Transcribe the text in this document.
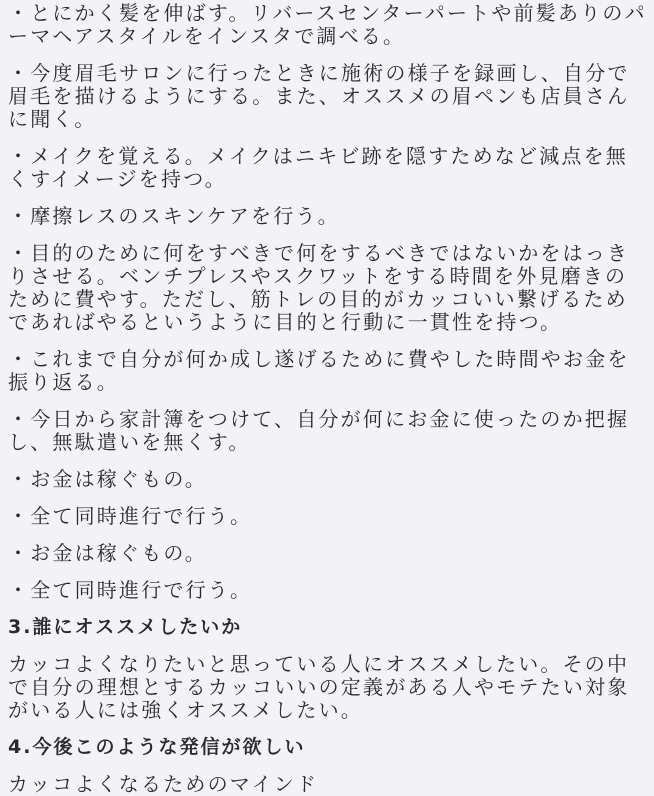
・とにかく髪を伸ばす。リバースセンターパートや前髪ありのパーマヘアスタイルをインスタで調べる。

・今度眉毛サロンに行ったときに施術の様子を録画し、自分で眉毛を描けるようにする。また、オススメの眉ペンも店員さんに聞く。

・メイクを覚える。メイクはニキビ跡を隠すためなど減点を無くすイメージを持つ。

・摩擦レスのスキンケアを行う。

・目的のために何をすべきで何をするべきではないかをはっきりさせる。ベンチプレスやスクワットをする時間を外見磨きのために費やす。ただし、筋トレの目的がカッコいい繋げるためであればやるというように目的と行動に一貫性を持つ。

・これまで自分が何か成し遂げるために費やした時間やお金を振り返る。

・今日から家計簿をつけて、自分が何にお金に使ったのか把握し、無駄遣いを無くす。

・お金は稼ぐもの。

・全て同時進行で行う。

・お金は稼ぐもの。

・全て同時進行で行う。

3.誰にオススメしたいか

カッコよくなりたいと思っている人にオススメしたい。その中で自分の理想とするカッコいいの定義がある人やモテたい対象がいる人には強くオススメしたい。

4.今後このような発信が欲しい

カッコよくなるためのマインド
